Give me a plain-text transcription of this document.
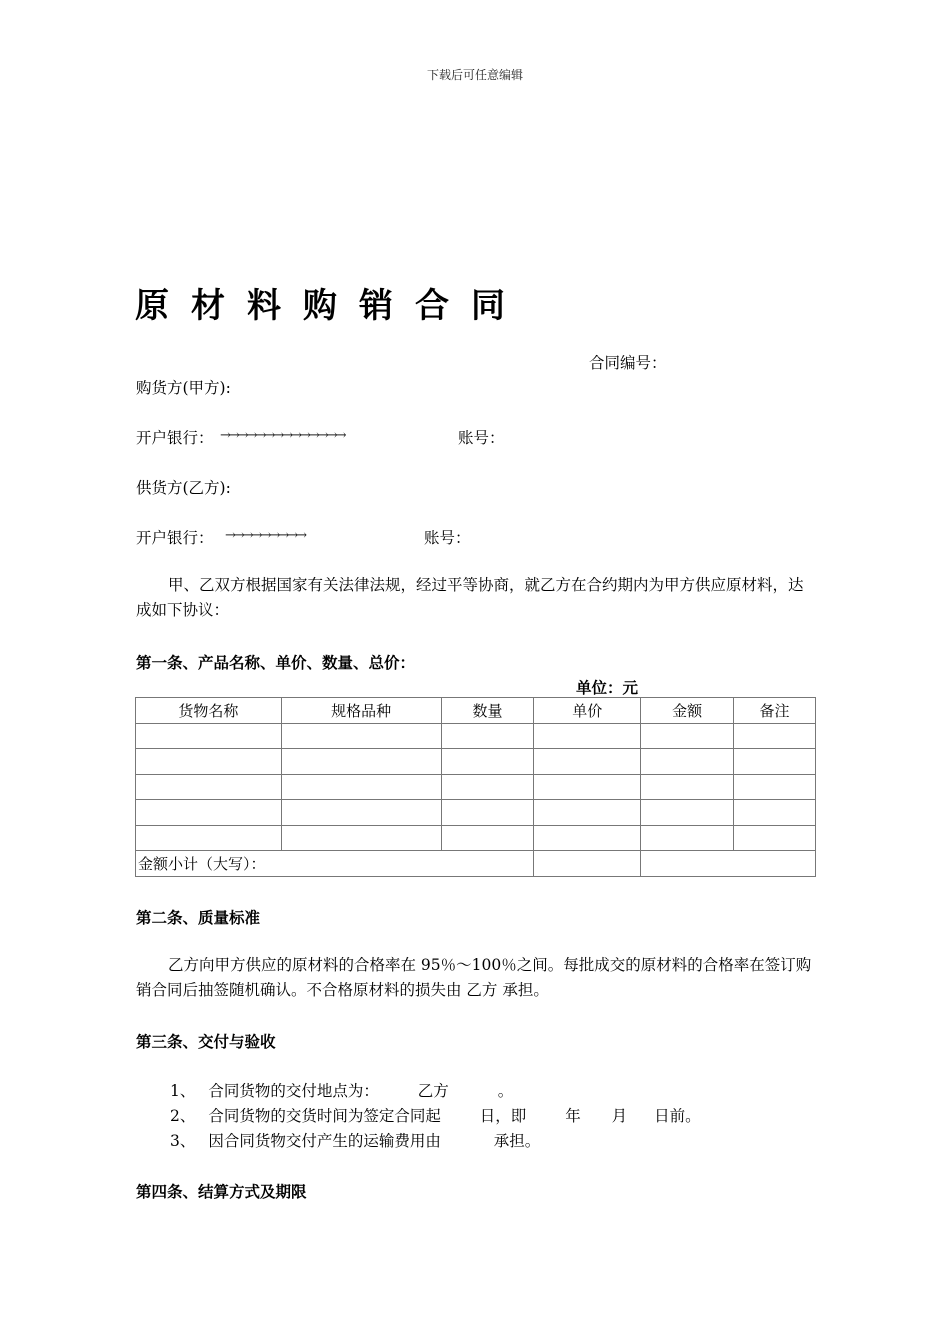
下载后可任意编辑
原材料购销合同
合同编号：
购货方(甲方):
开户银行： →→→→→→→→→→→→→→	账号：
供货方(乙方):
开户银行： →→→→→→→→→	账号：
甲、乙双方根据国家有关法律法规，经过平等协商，就乙方在合约期内为甲方供应原材料，达成如下协议：
第一条、产品名称、单价、数量、总价：
单位：元
货物名称	规格品种	数量	单价	金额	备注

金额小计（大写）：					
第二条、质量标准
乙方向甲方供应的原材料的合格率在 95％～100％之间。每批成交的原材料的合格率在签订购销合同后抽签随机确认。不合格原材料的损失由 乙方 承担。
第三条、交付与验收
1、 合同货物的交付地点为：	乙方	。
2、 合同货物的交货时间为签定合同起	日，即	年 月 日前。
3、 因合同货物交付产生的运输费用由	承担。
第四条、结算方式及期限
